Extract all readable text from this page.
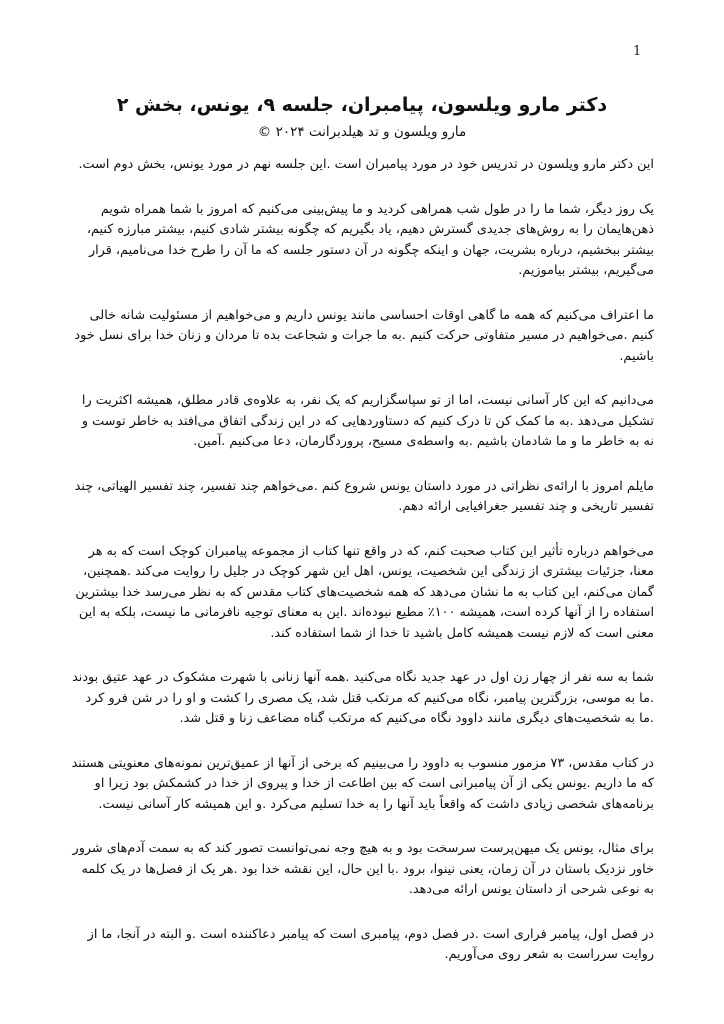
1
دکتر مارو ویلسون، پیامبران، جلسه ۹، یونس، بخش ۲

مارو ویلسون و تد هیلدبرانت ۲۰۲۴ ©

این دکتر مارو ویلسون در تدریس خود در مورد پیامبران است .این جلسه نهم در مورد یونس، بخش دوم است.

یک روز دیگر، شما ما را در طول شب همراهی کردید و ما پیش‌بینی می‌کنیم که امروز با شما همراه شویم ذهن‌هایمان را به روش‌های جدیدی گسترش دهیم، یاد بگیریم که چگونه بیشتر شادی کنیم، بیشتر مبارزه کنیم، بیشتر ببخشیم، درباره بشریت، جهان و اینکه چگونه در آن دستور جلسه که ما آن را طرح خدا می‌نامیم، قرار می‌گیریم، بیشتر بیاموزیم.

ما اعتراف می‌کنیم که همه ما گاهی اوقات احساسی مانند یونس داریم و می‌خواهیم از مسئولیت شانه خالی کنیم .می‌خواهیم در مسیر متفاوتی حرکت کنیم .به ما جرات و شجاعت بده تا مردان و زنان خدا برای نسل خود باشیم.

می‌دانیم که این کار آسانی نیست، اما از تو سپاسگزاریم که یک نفر، به علاوه‌ی قادر مطلق، همیشه اکثریت را تشکیل می‌دهد .به ما کمک کن تا درک کنیم که دستاوردهایی که در این زندگی اتفاق می‌افتد به خاطر توست و نه به خاطر ما و ما شادمان باشیم .به واسطه‌ی مسیح، پروردگارمان، دعا می‌کنیم .آمین.

مایلم امروز با ارائه‌ی نظراتی در مورد داستان یونس شروع کنم .می‌خواهم چند تفسیر، چند تفسیر الهیاتی، چند تفسیر تاریخی و چند تفسیر جغرافیایی ارائه دهم.

می‌خواهم درباره تأثیر این کتاب صحبت کنم، که در واقع تنها کتاب از مجموعه پیامبران کوچک است که به هر معنا، جزئیات بیشتری از زندگی این شخصیت، یونس، اهل این شهر کوچک در جلیل را روایت می‌کند .همچنین، گمان می‌کنم، این کتاب به ما نشان می‌دهد که همه شخصیت‌های کتاب مقدس که به نظر می‌رسد خدا بیشترین استفاده را از آنها کرده است، همیشه ۱۰۰٪ مطیع نبوده‌اند .این به معنای توجیه نافرمانی ما نیست، بلکه به این معنی است که لازم نیست همیشه کامل باشید تا خدا از شما استفاده کند.

شما به سه نفر از چهار زن اول در عهد جدید نگاه می‌کنید .همه آنها زنانی با شهرت مشکوک در عهد عتیق بودند .ما به موسی، بزرگترین پیامبر، نگاه می‌کنیم که مرتکب قتل شد، یک مصری را کشت و او را در شن فرو کرد .ما به شخصیت‌های دیگری مانند داوود نگاه می‌کنیم که مرتکب گناه مضاعف زنا و قتل شد.

در کتاب مقدس، ۷۳ مزمور منسوب به داوود را می‌بینیم که برخی از آنها از عمیق‌ترین نمونه‌های معنویتی هستند که ما داریم .یونس یکی از آن پیامبرانی است که بین اطاعت از خدا و پیروی از خدا در کشمکش بود زیرا او برنامه‌های شخصی زیادی داشت که واقعاً باید آنها را به خدا تسلیم می‌کرد .و این همیشه کار آسانی نیست.

برای مثال، یونس یک میهن‌پرست سرسخت بود و به هیچ وجه نمی‌توانست تصور کند که به سمت آدم‌های شرور خاور نزدیک باستان در آن زمان، یعنی نینوا، برود .با این حال، این نقشه خدا بود .هر یک از فصل‌ها در یک کلمه به نوعی شرحی از داستان یونس ارائه می‌دهد.

در فصل اول، پیامبر فراری است .در فصل دوم، پیامبری است که پیامبر دعاکننده است .و البته در آنجا، ما از روایت سرراست به شعر روی می‌آوریم.
